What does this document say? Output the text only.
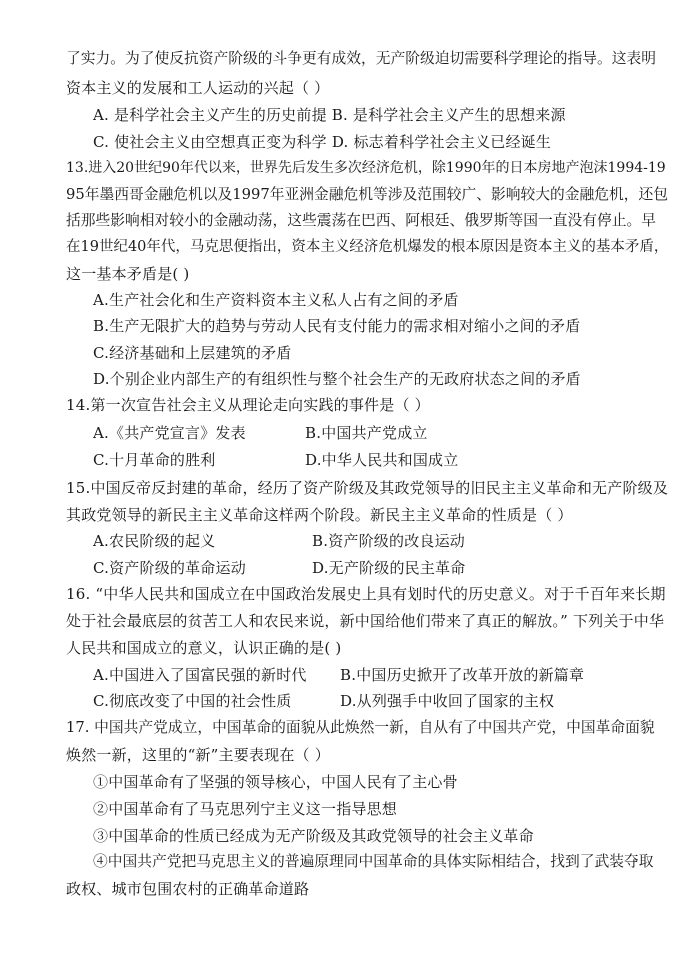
了实力。为了使反抗资产阶级的斗争更有成效，无产阶级迫切需要科学理论的指导。这表明
资本主义的发展和工人运动的兴起（ ）
A. 是科学社会主义产生的历史前提 B. 是科学社会主义产生的思想来源
C. 使社会主义由空想真正变为科学 D. 标志着科学社会主义已经诞生
13.进入20世纪90年代以来，世界先后发生多次经济危机，除1990年的日本房地产泡沫1994-19
95年墨西哥金融危机以及1997年亚洲金融危机等涉及范围较广、影响较大的金融危机，还包
括那些影响相对较小的金融动荡，这些震荡在巴西、阿根廷、俄罗斯等国一直没有停止。早
在19世纪40年代，马克思便指出，资本主义经济危机爆发的根本原因是资本主义的基本矛盾，
这一基本矛盾是( )
A.生产社会化和生产资料资本主义私人占有之间的矛盾
B.生产无限扩大的趋势与劳动人民有支付能力的需求相对缩小之间的矛盾
C.经济基础和上层建筑的矛盾
D.个别企业内部生产的有组织性与整个社会生产的无政府状态之间的矛盾
14.第一次宣告社会主义从理论走向实践的事件是（ ）
A.《共产党宣言》发表	B.中国共产党成立
C.十月革命的胜利	D.中华人民共和国成立
15.中国反帝反封建的革命，经历了资产阶级及其政党领导的旧民主主义革命和无产阶级及
其政党领导的新民主主义革命这样两个阶段。新民主主义革命的性质是（ ）
A.农民阶级的起义	B.资产阶级的改良运动
C.资产阶级的革命运动	D.无产阶级的民主革命
16. “中华人民共和国成立在中国政治发展史上具有划时代的历史意义。对于千百年来长期
处于社会最底层的贫苦工人和农民来说，新中国给他们带来了真正的解放。” 下列关于中华
人民共和国成立的意义，认识正确的是( )
A.中国进入了国富民强的新时代 B.中国历史掀开了改革开放的新篇章
C.彻底改变了中国的社会性质	D.从列强手中收回了国家的主权
17. 中国共产党成立，中国革命的面貌从此焕然一新，自从有了中国共产党，中国革命面貌
焕然一新，这里的“新”主要表现在（ ）
①中国革命有了坚强的领导核心，中国人民有了主心骨
②中国革命有了马克思列宁主义这一指导思想
③中国革命的性质已经成为无产阶级及其政党领导的社会主义革命
④中国共产党把马克思主义的普遍原理同中国革命的具体实际相结合，找到了武装夺取
政权、城市包围农村的正确革命道路
